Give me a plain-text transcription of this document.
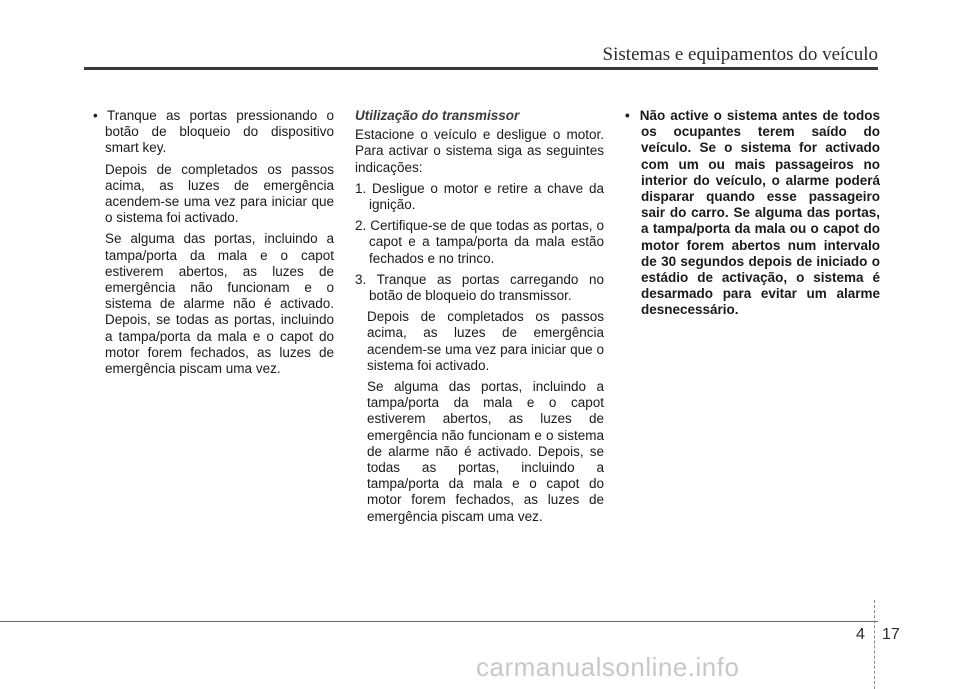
Sistemas e equipamentos do veículo

• Tranque as portas pressionando o botão de bloqueio do dispositivo smart key.

Depois de completados os passos acima, as luzes de emergência acendem-se uma vez para iniciar que o sistema foi activado.

Se alguma das portas, incluindo a tampa/porta da mala e o capot estiverem abertos, as luzes de emergência não funcionam e o sistema de alarme não é activado. Depois, se todas as portas, incluindo a tampa/porta da mala e o capot do motor forem fechados, as luzes de emergência piscam uma vez.

Utilização do transmissor

Estacione o veículo e desligue o motor. Para activar o sistema siga as seguintes indicações:

1. Desligue o motor e retire a chave da ignição.

2. Certifique-se de que todas as portas, o capot e a tampa/porta da mala estão fechados e no trinco.

3. Tranque as portas carregando no botão de bloqueio do transmissor.

Depois de completados os passos acima, as luzes de emergência acendem-se uma vez para iniciar que o sistema foi activado.

Se alguma das portas, incluindo a tampa/porta da mala e o capot estiverem abertos, as luzes de emergência não funcionam e o sistema de alarme não é activado. Depois, se todas as portas, incluindo a tampa/porta da mala e o capot do motor forem fechados, as luzes de emergência piscam uma vez.

•  Não active o sistema antes de todos os ocupantes terem saído do veículo. Se o sistema for activado com um ou mais passageiros no interior do veículo, o alarme poderá disparar quando esse passageiro sair do carro. Se alguma das portas, a tampa/porta da mala ou o capot do motor forem abertos num intervalo de 30 segundos depois de iniciado o estádio de activação, o sistema é desarmado para evitar um alarme desnecessário.

4 17
carmanualsonline.info
